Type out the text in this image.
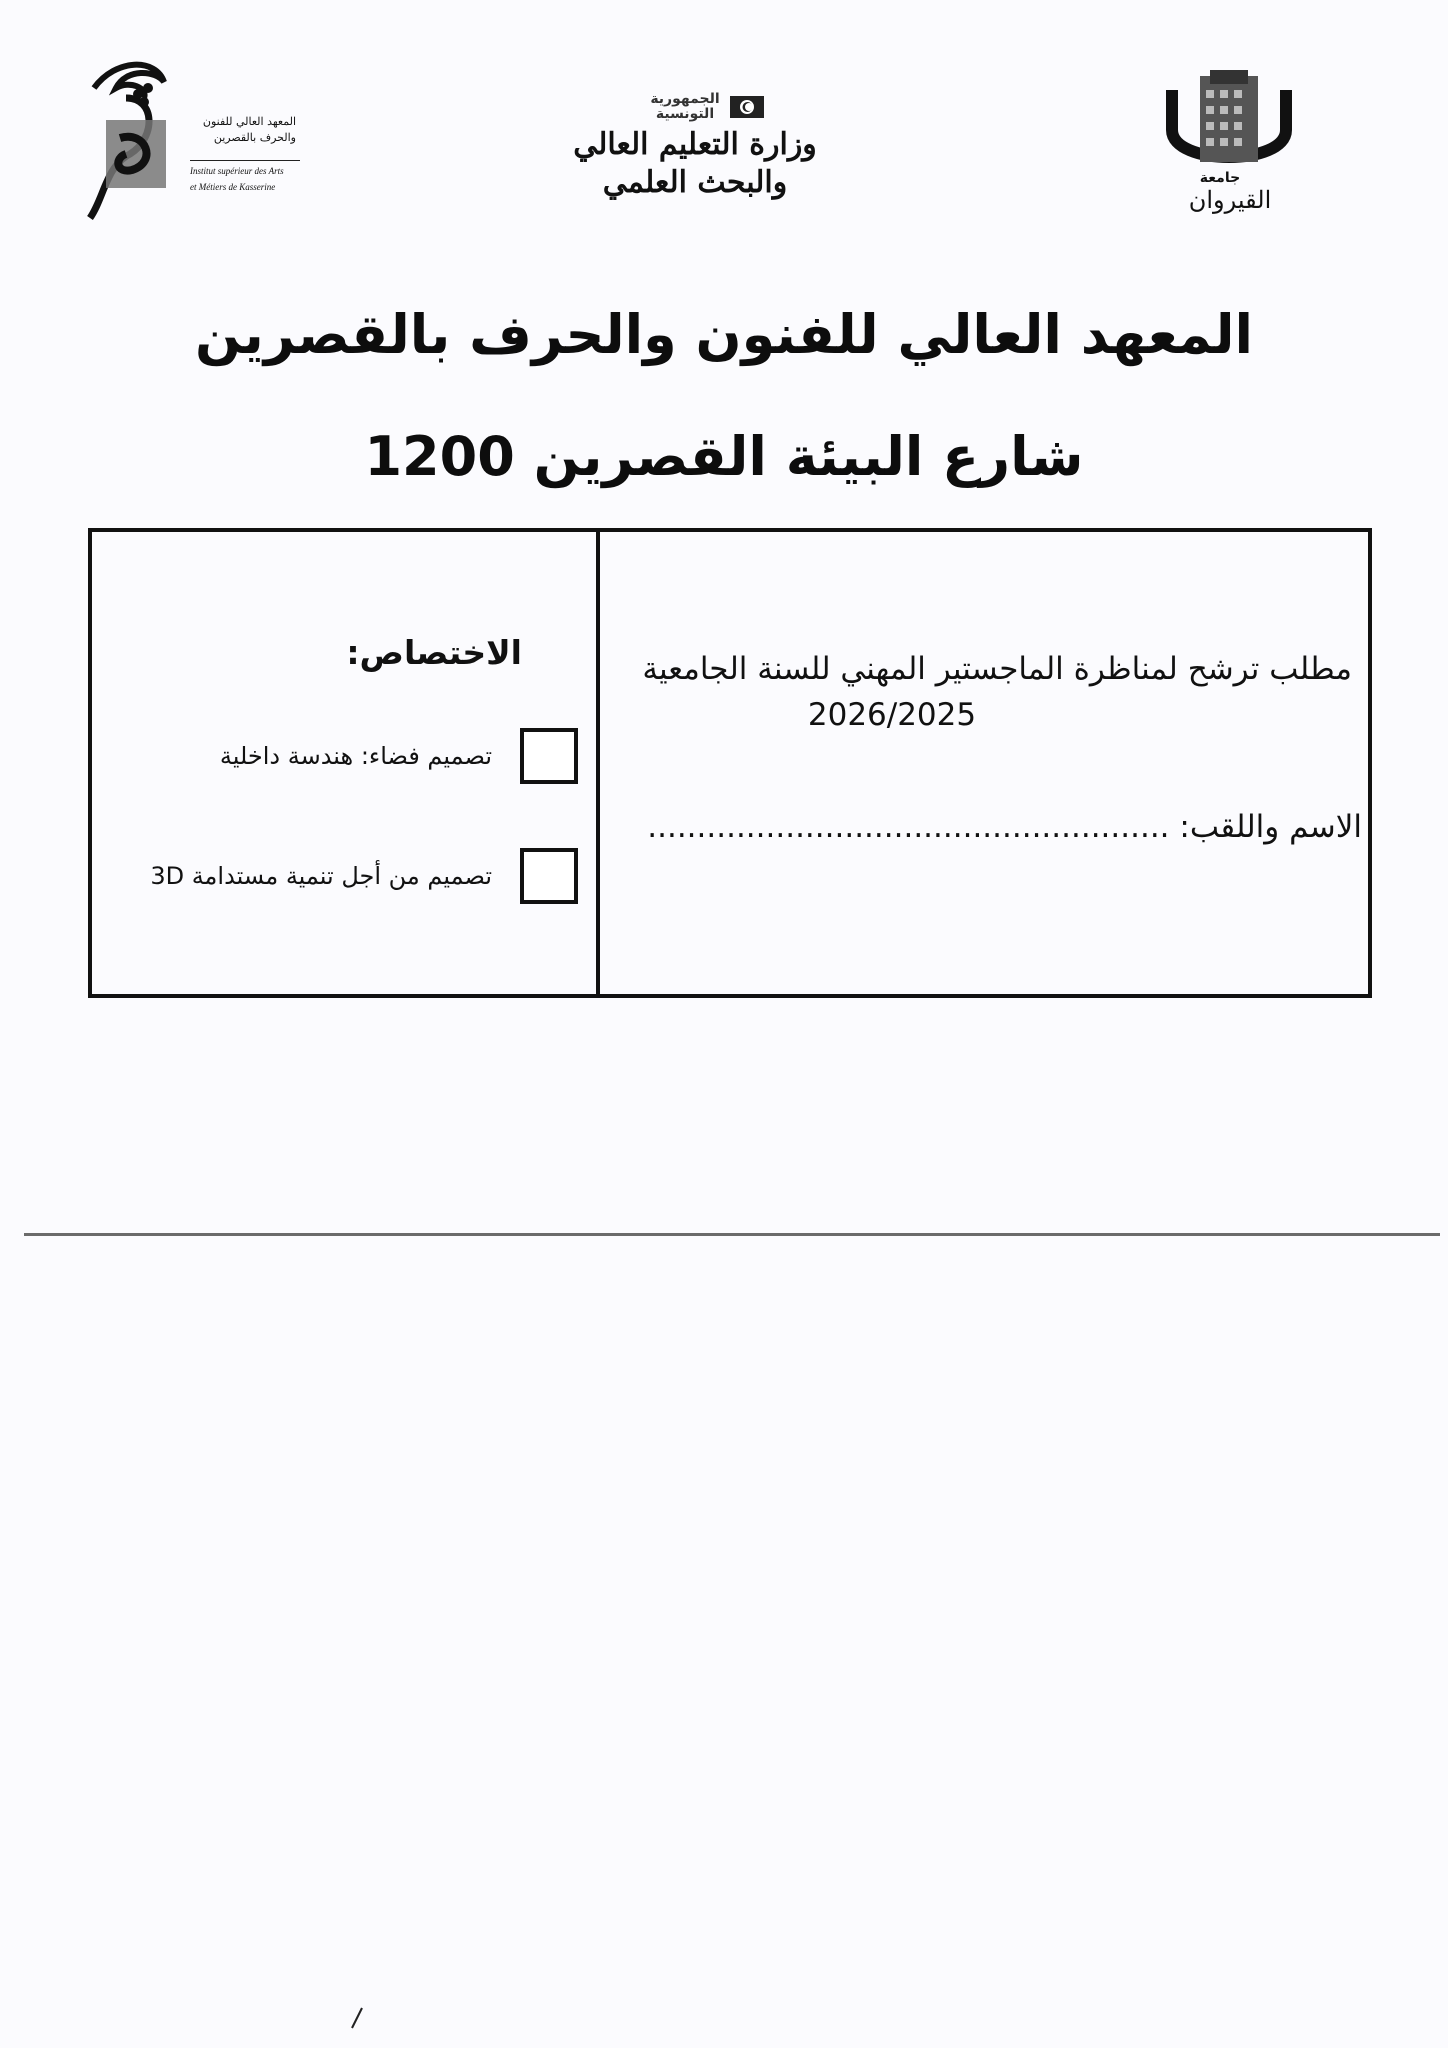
المعهد العالي للفنون
والحرف بالقصرين
Institut supérieur des Arts
et Métiers de Kasserine
الجمهورية
التونسية
وزارة التعليم العالي
والبحث العلمي	جامعة
القيروان
المعهد العالي للفنون والحرف بالقصرين
شارع البيئة القصرين 1200
مطلب ترشح لمناظرة الماجستير المهني للسنة الجامعية
2026/2025
الاسم واللقب: .....................................................
الاختصاص:
تصميم فضاء: هندسة داخلية
تصميم من أجل تنمية مستدامة 3D
